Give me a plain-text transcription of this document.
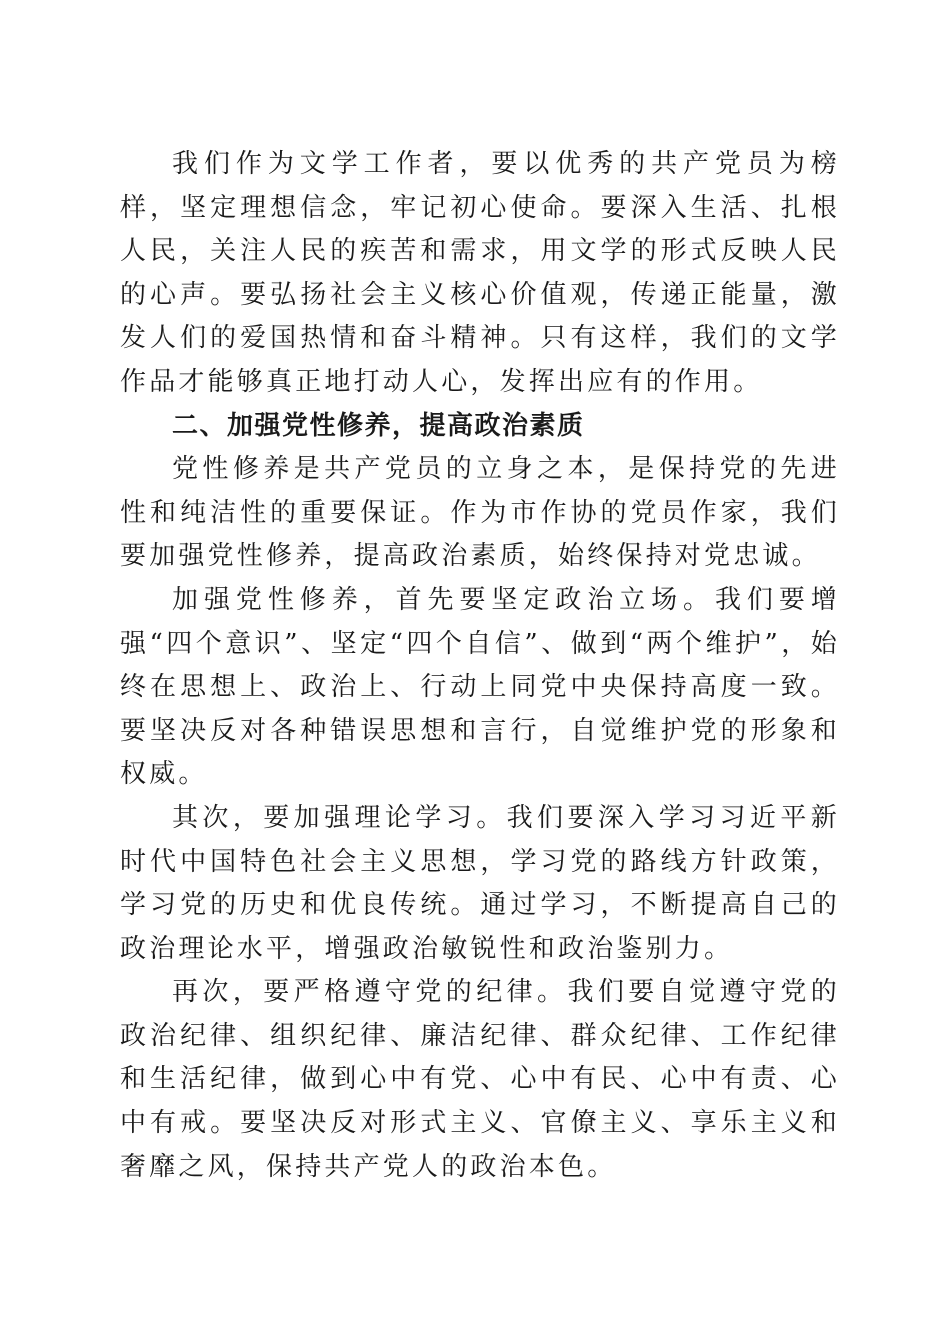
我们作为文学工作者，要以优秀的共产党员为榜样，坚定理想信念，牢记初心使命。要深入生活、扎根人民，关注人民的疾苦和需求，用文学的形式反映人民的心声。要弘扬社会主义核心价值观，传递正能量，激发人们的爱国热情和奋斗精神。只有这样，我们的文学作品才能够真正地打动人心，发挥出应有的作用。

二、加强党性修养，提高政治素质

党性修养是共产党员的立身之本，是保持党的先进性和纯洁性的重要保证。作为市作协的党员作家，我们要加强党性修养，提高政治素质，始终保持对党忠诚。

加强党性修养，首先要坚定政治立场。我们要增强“四个意识”、坚定“四个自信”、做到“两个维护”，始终在思想上、政治上、行动上同党中央保持高度一致。要坚决反对各种错误思想和言行，自觉维护党的形象和权威。

其次，要加强理论学习。我们要深入学习习近平新时代中国特色社会主义思想，学习党的路线方针政策，学习党的历史和优良传统。通过学习，不断提高自己的政治理论水平，增强政治敏锐性和政治鉴别力。

再次，要严格遵守党的纪律。我们要自觉遵守党的政治纪律、组织纪律、廉洁纪律、群众纪律、工作纪律和生活纪律，做到心中有党、心中有民、心中有责、心中有戒。要坚决反对形式主义、官僚主义、享乐主义和奢靡之风，保持共产党人的政治本色。
